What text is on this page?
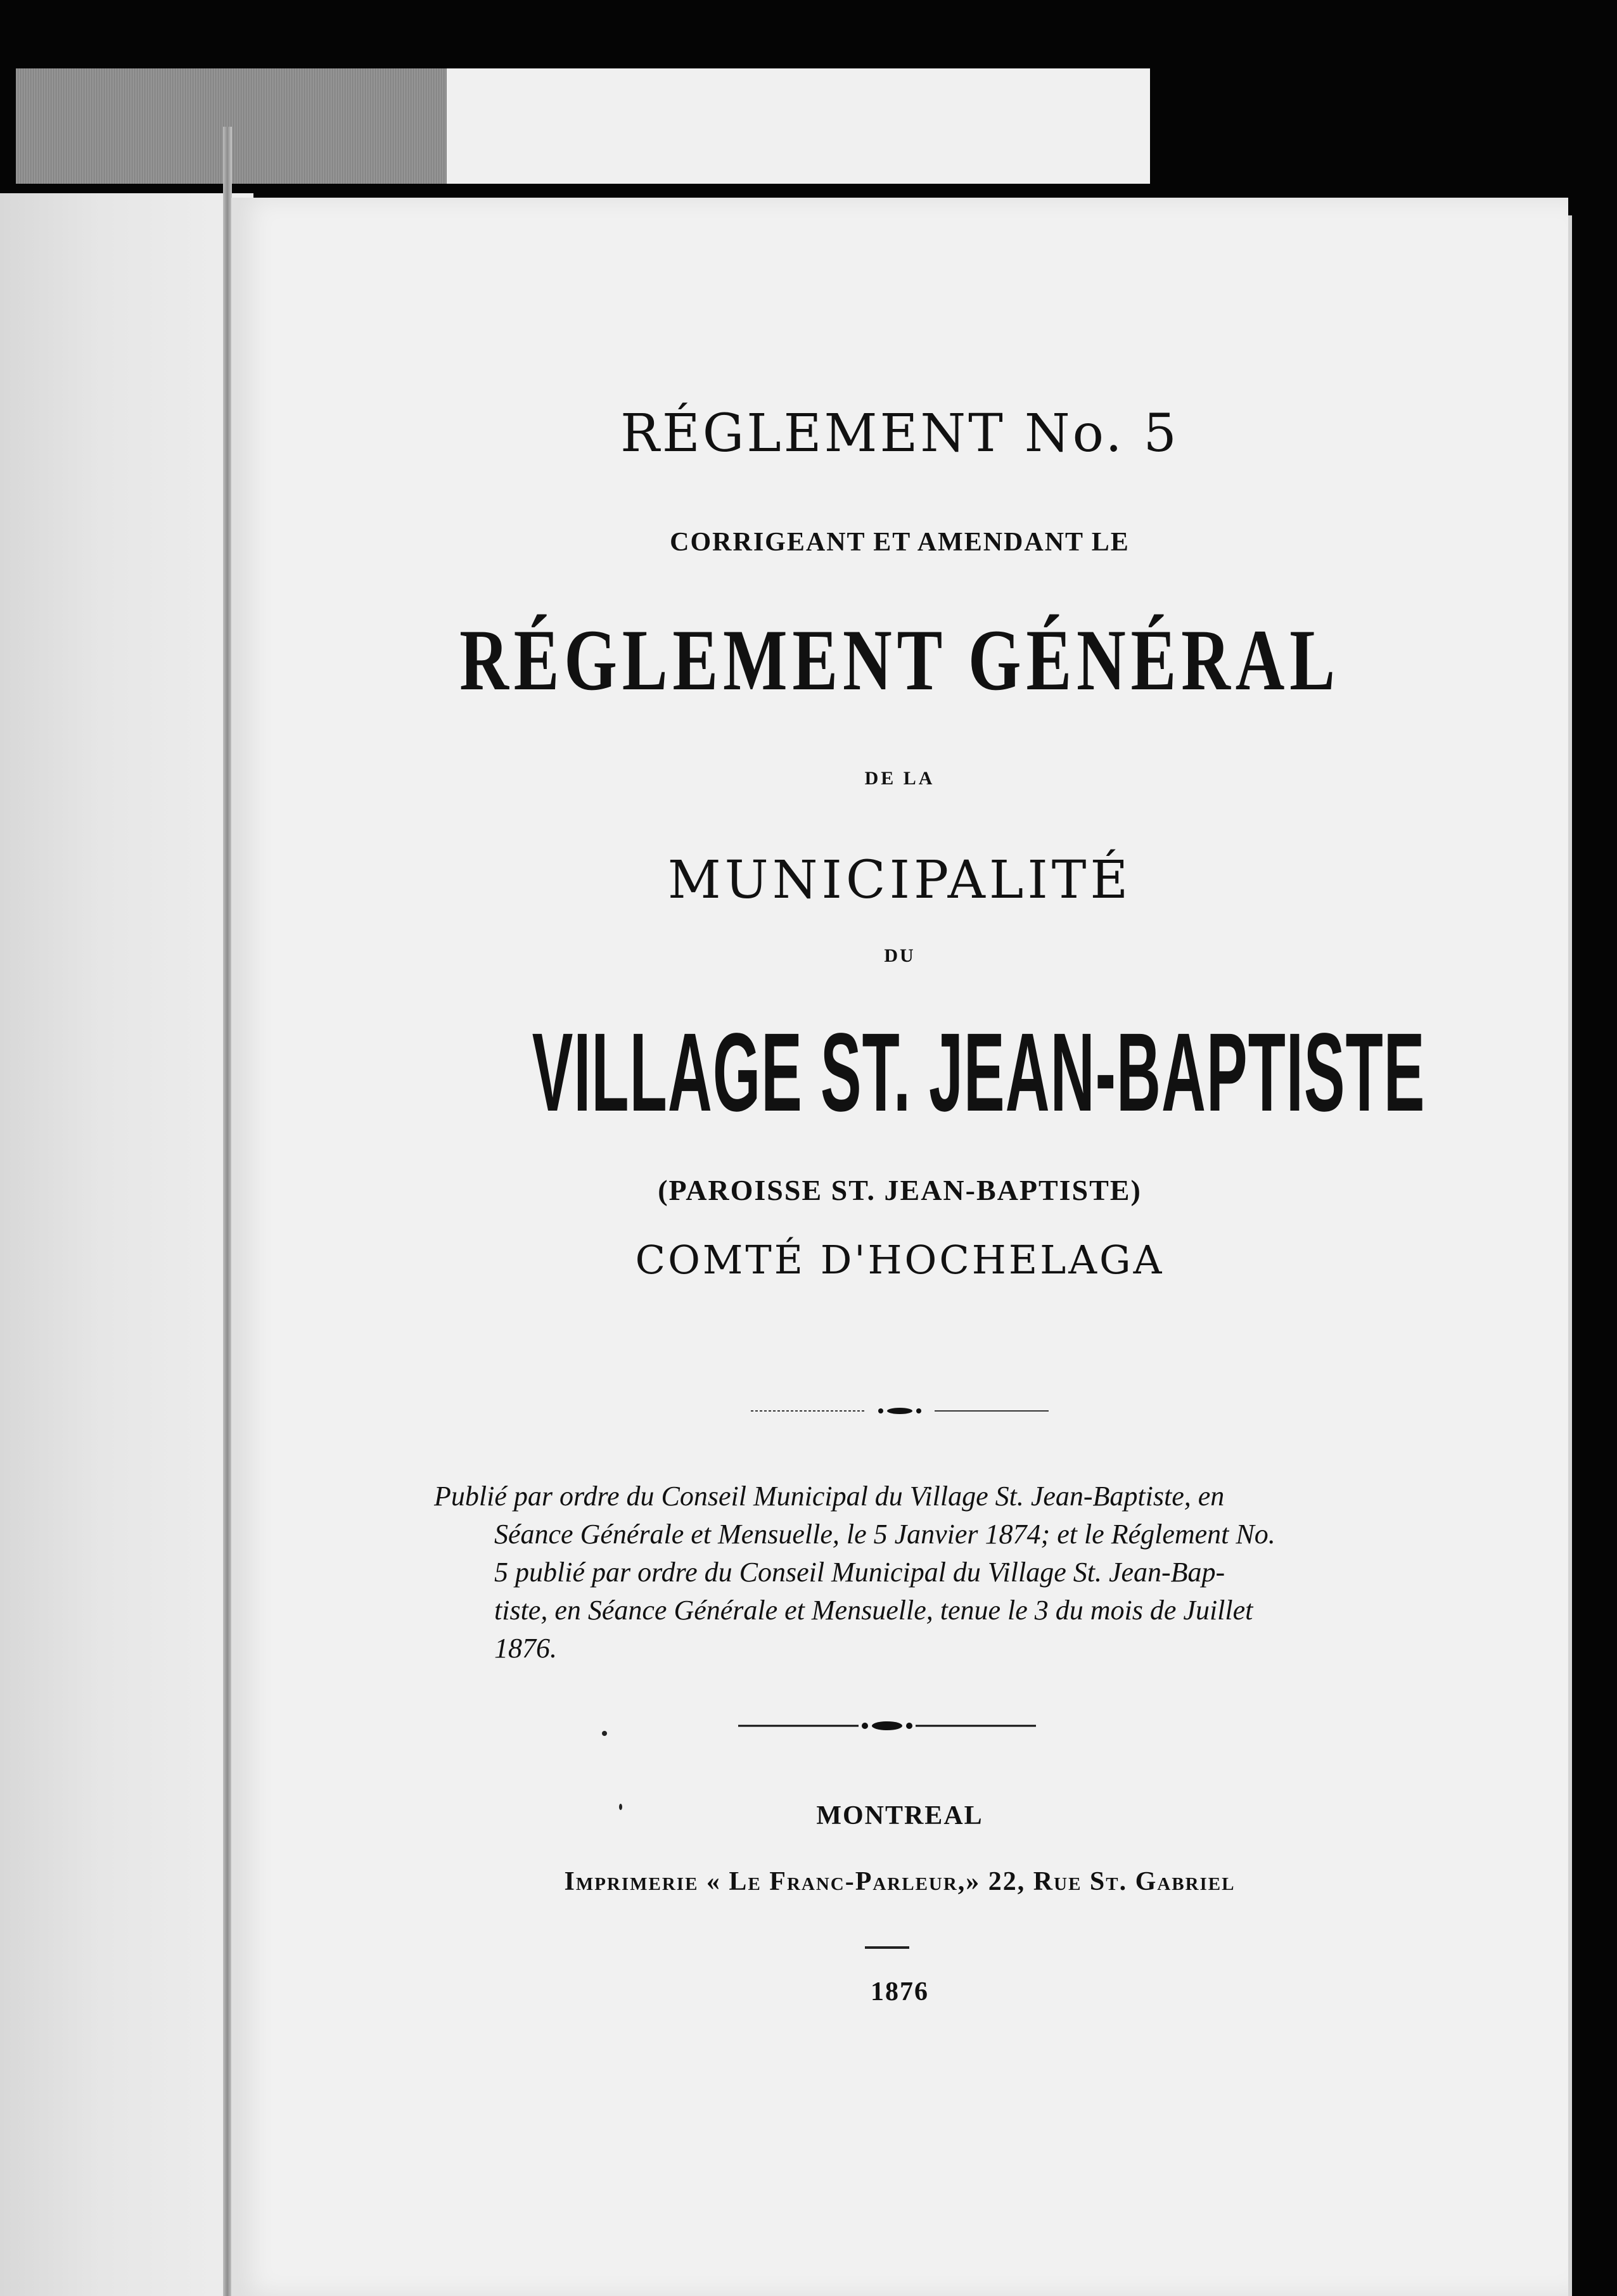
RÉGLEMENT No. 5
CORRIGEANT ET AMENDANT LE
RÉGLEMENT GÉNÉRAL
DE LA
MUNICIPALITÉ
DU
VILLAGE ST. JEAN-BAPTISTE
(PAROISSE ST. JEAN-BAPTISTE)
COMTÉ D'HOCHELAGA
Publié par ordre du Conseil Municipal du Village St. Jean-Baptiste, en
Séance Générale et Mensuelle, le 5 Janvier 1874; et le Réglement No.
5 publié par ordre du Conseil Municipal du Village St. Jean-Bap-
tiste, en Séance Générale et Mensuelle, tenue le 3 du mois de Juillet
1876.
MONTREAL
Imprimerie « Le Franc-Parleur,» 22, Rue St. Gabriel
1876
